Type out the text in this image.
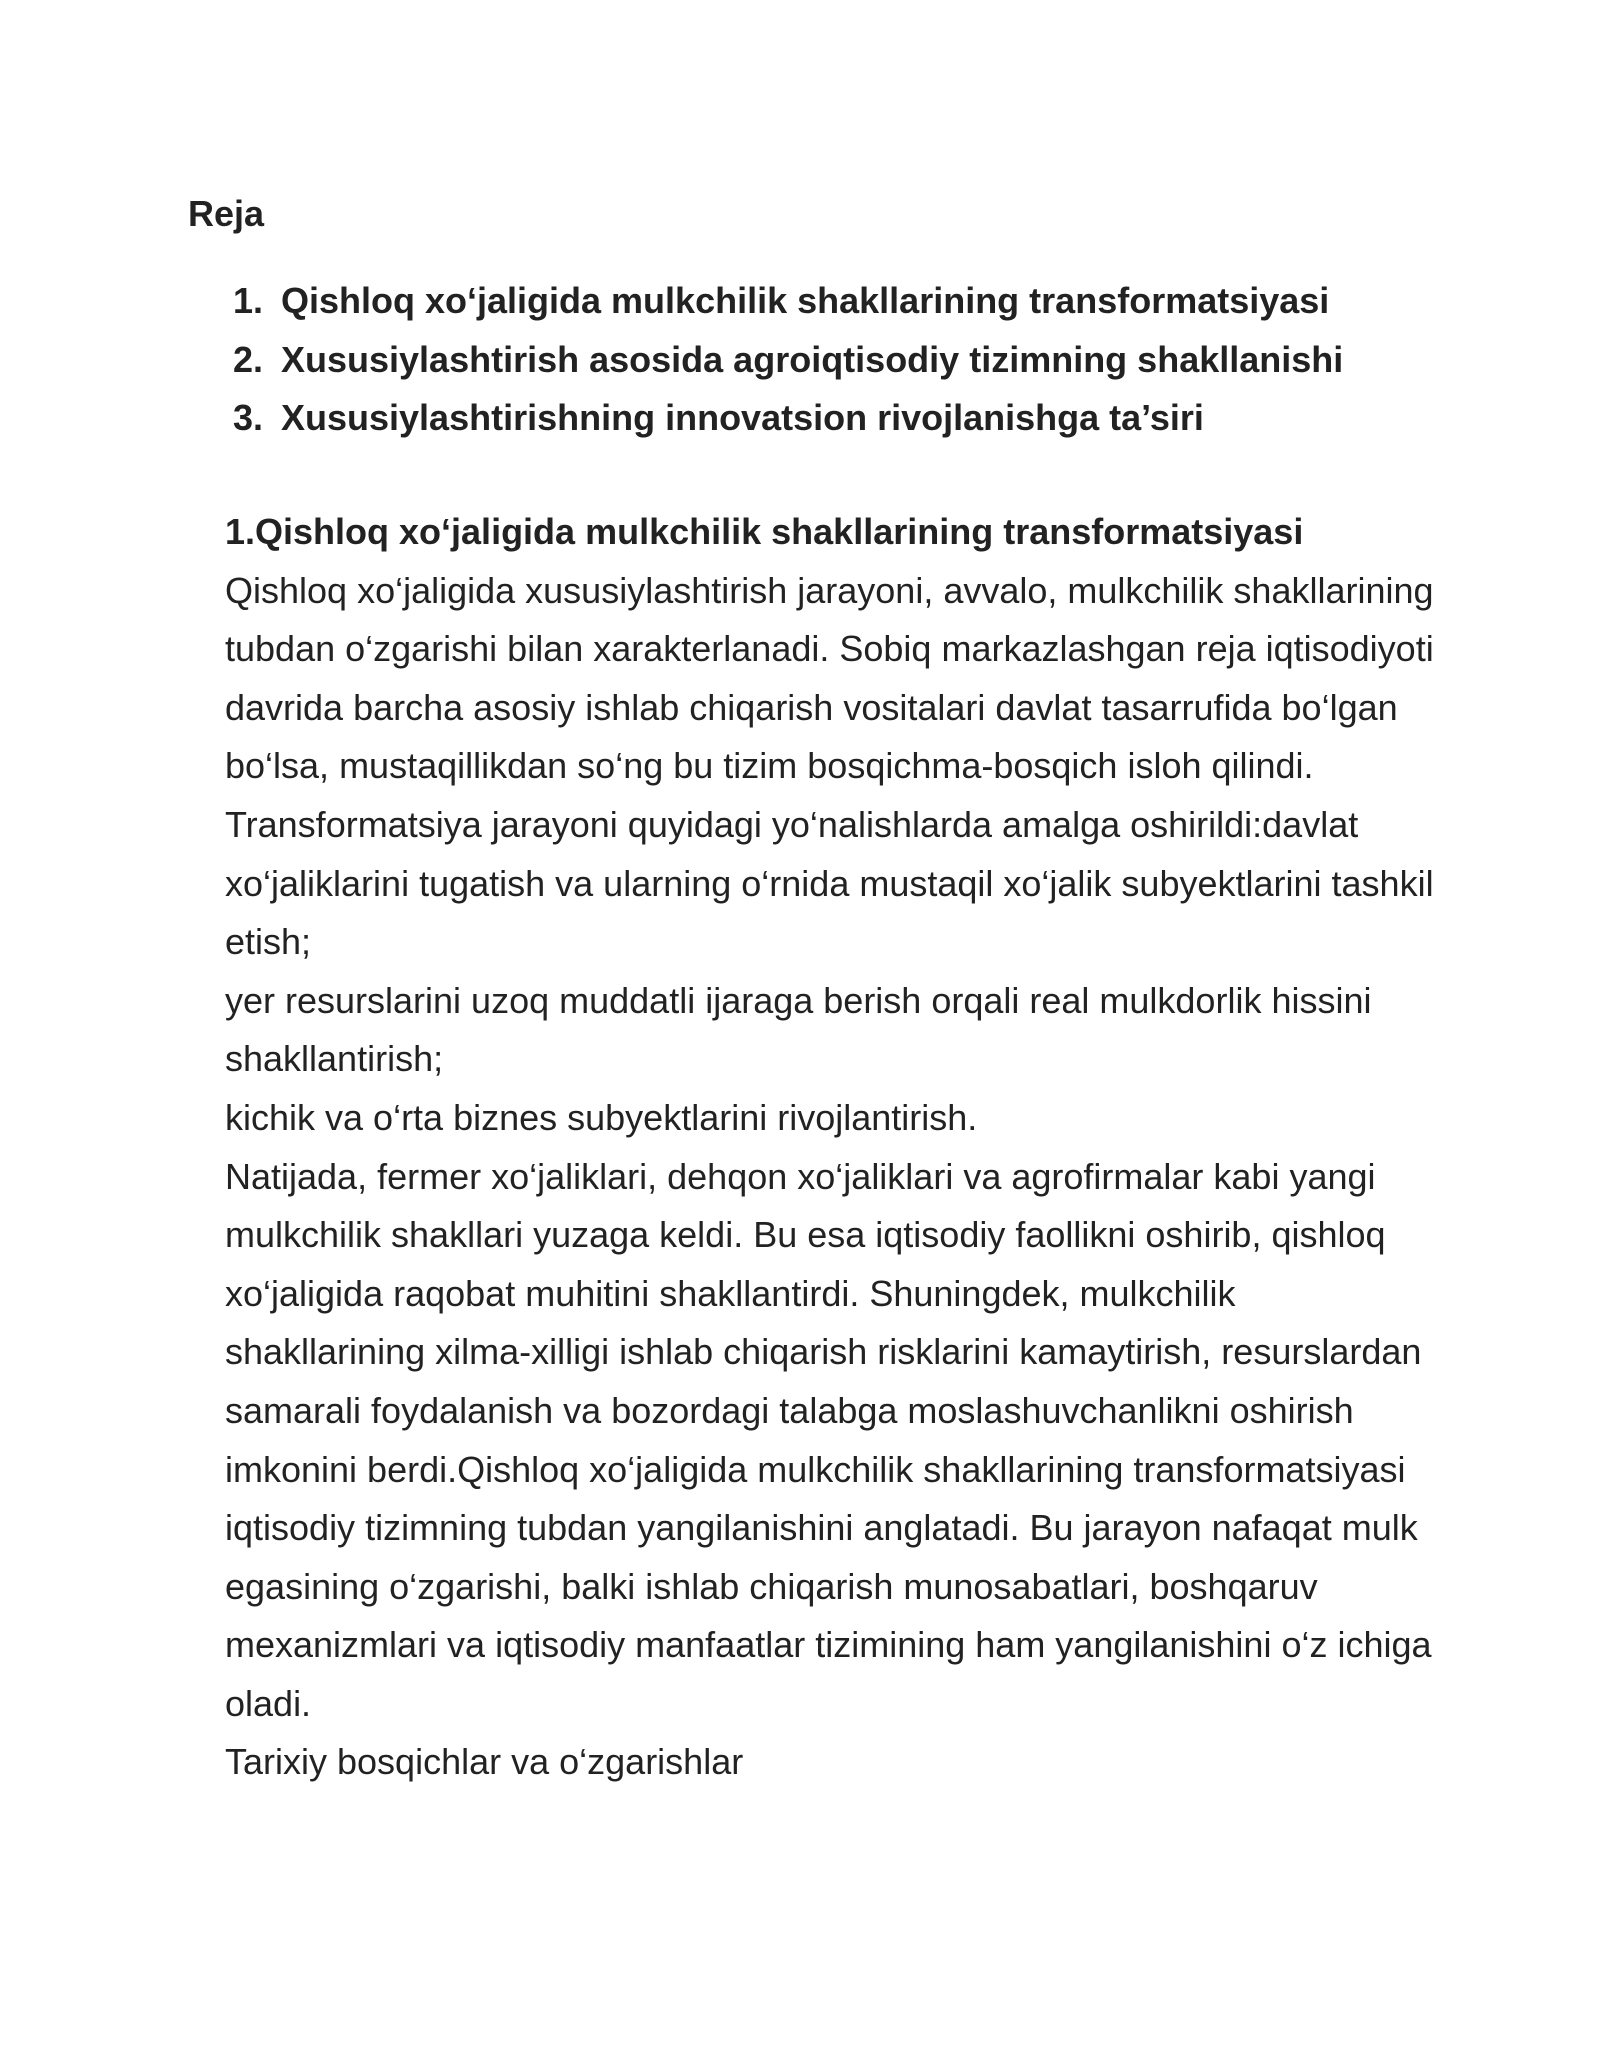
Reja
1. Qishloq xo‘jaligida mulkchilik shakllarining transformatsiyasi
2. Xususiylashtirish asosida agroiqtisodiy tizimning shakllanishi
3. Xususiylashtirishning innovatsion rivojlanishga ta’siri
1.Qishloq xo‘jaligida mulkchilik shakllarining transformatsiyasi

Qishloq xo‘jaligida xususiylashtirish jarayoni, avvalo, mulkchilik shakllarining tubdan o‘zgarishi bilan xarakterlanadi. Sobiq markazlashgan reja iqtisodiyoti davrida barcha asosiy ishlab chiqarish vositalari davlat tasarrufida bo‘lgan bo‘lsa, mustaqillikdan so‘ng bu tizim bosqichma-bosqich isloh qilindi.

Transformatsiya jarayoni quyidagi yo‘nalishlarda amalga oshirildi:davlat xo‘jaliklarini tugatish va ularning o‘rnida mustaqil xo‘jalik subyektlarini tashkil etish;

yer resurslarini uzoq muddatli ijaraga berish orqali real mulkdorlik hissini shakllantirish;

kichik va o‘rta biznes subyektlarini rivojlantirish.

Natijada, fermer xo‘jaliklari, dehqon xo‘jaliklari va agrofirmalar kabi yangi mulkchilik shakllari yuzaga keldi. Bu esa iqtisodiy faollikni oshirib, qishloq xo‘jaligida raqobat muhitini shakllantirdi. Shuningdek, mulkchilik shakllarining xilma-xilligi ishlab chiqarish risklarini kamaytirish, resurslardan samarali foydalanish va bozordagi talabga moslashuvchanlikni oshirish imkonini berdi.Qishloq xo‘jaligida mulkchilik shakllarining transformatsiyasi iqtisodiy tizimning tubdan yangilanishini anglatadi. Bu jarayon nafaqat mulk egasining o‘zgarishi, balki ishlab chiqarish munosabatlari, boshqaruv mexanizmlari va iqtisodiy manfaatlar tizimining ham yangilanishini o‘z ichiga oladi.

Tarixiy bosqichlar va o‘zgarishlar
